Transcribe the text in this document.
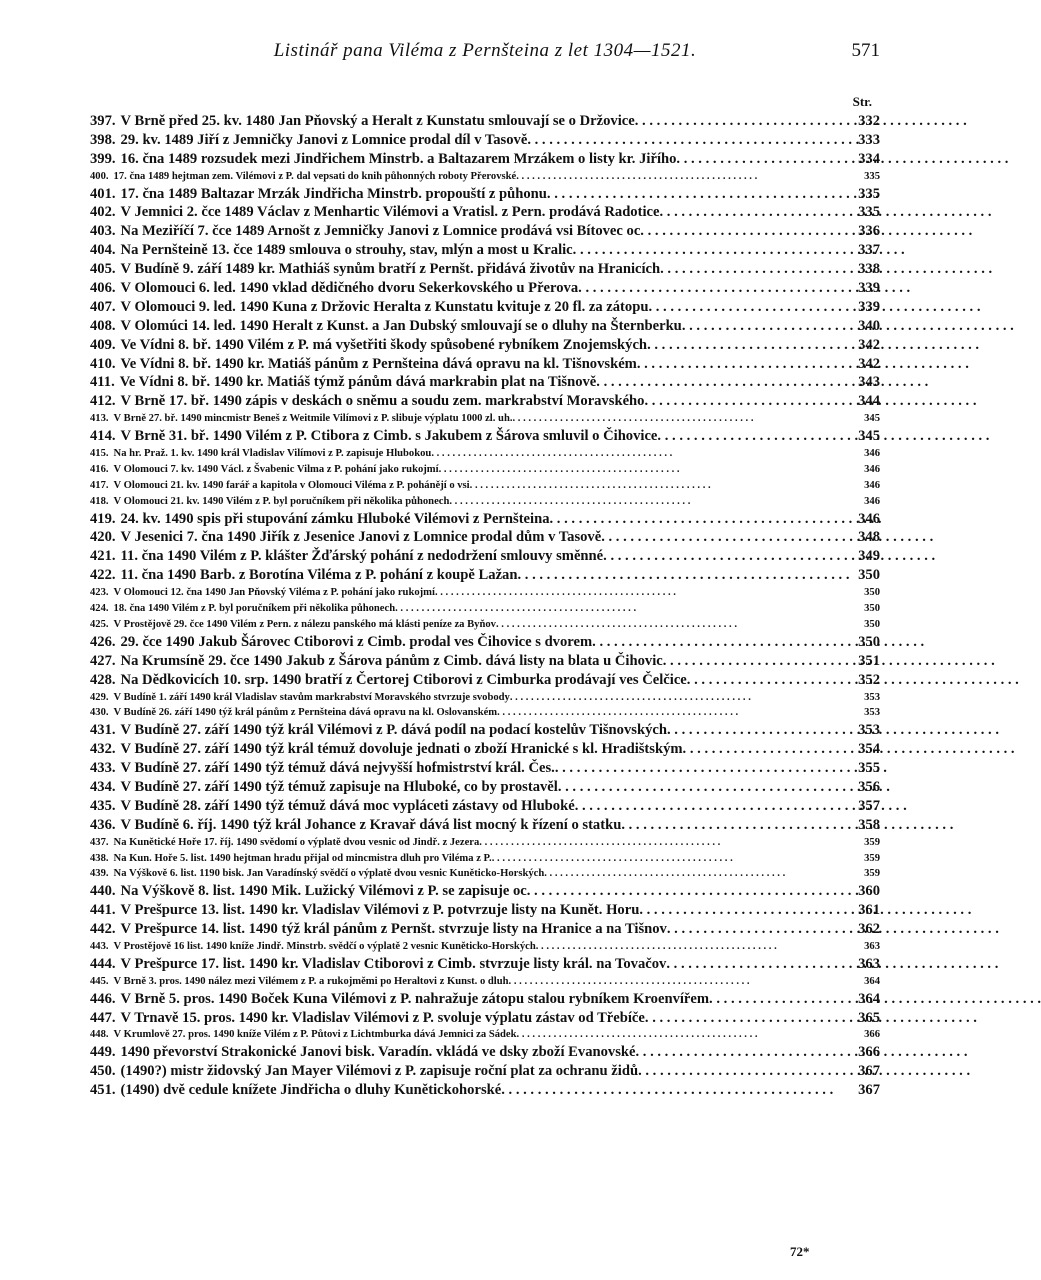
Listinář pana Viléma z Pernšteina z let 1304—1521.	571
Str.
397. V Brně před 25. kv. 1480 Jan Pňovský a Heralt z Kunstatu smlouvají se o Držovice . . .	332
398. 29. kv. 1489 Jiří z Jemničky Janovi z Lomnice prodal díl v Tasově . . .	333
399. 16. čna 1489 rozsudek mezi Jindřichem Minstrb. a Baltazarem Mrzákem o listy kr. Jiřího . . .	334
400. 17. čna 1489 hejtman zem. Vilémovi z P. dal vepsati do knih půhonných roboty Přerovské . . .	335
401. 17. čna 1489 Baltazar Mrzák Jindřicha Minstrb. propouští z půhonu . . .	335
402. V Jemnici 2. čce 1489 Václav z Menhartic Vilémovi a Vratisl. z Pern. prodává Radotice . . .	335
403. Na Meziříčí 7. čce 1489 Arnošt z Jemničky Janovi z Lomnice prodává vsi Bítovec oc . . .	336
404. Na Pernšteině 13. čce 1489 smlouva o strouhy, stav, mlýn a most u Kralic . . .	337
405. V Budíně 9. září 1489 kr. Mathiáš synům bratří z Pernšt. přidává životův na Hranicích . . .	338
406. V Olomouci 6. led. 1490 vklad dědičného dvoru Sekerkovského u Přerova . . .	339
407. V Olomouci 9. led. 1490 Kuna z Držovic Heralta z Kunstatu kvituje z 20 fl. za zátopu . . .	339
408. V Olomúci 14. led. 1490 Heralt z Kunst. a Jan Dubský smlouvají se o dluhy na Šternberku . . .	340
409. Ve Vídni 8. bř. 1490 Vilém z P. má vyšetřiti škody spůsobené rybníkem Znojemských . . .	342
410. Ve Vídni 8. bř. 1490 kr. Matiáš pánům z Pernšteina dává opravu na kl. Tišnovském . . .	342
411. Ve Vídni 8. bř. 1490 kr. Matiáš týmž pánům dává markrabin plat na Tišnově . . .	343
412. V Brně 17. bř. 1490 zápis v deskách o sněmu a soudu zem. markrabství Moravského . . .	344
413. V Brně 27. bř. 1490 mincmistr Beneš z Weitmile Vilímovi z P. slibuje výplatu 1000 zl. uh. . . .	345
414. V Brně 31. bř. 1490 Vilém z P. Ctibora z Cimb. s Jakubem z Šárova smluvil o Čihovice . . .	345
415. Na hr. Praž. 1. kv. 1490 král Vladislav Vilímovi z P. zapisuje Hlubokou . . .	346
416. V Olomouci 7. kv. 1490 Václ. z Švabenic Vilma z P. pohání jako rukojmí . . .	346
417. V Olomouci 21. kv. 1490 farář a kapitola v Olomouci Viléma z P. pohánějí o vsi . . .	346
418. V Olomouci 21. kv. 1490 Vilém z P. byl poručníkem při několika půhonech . . .	346
419. 24. kv. 1490 spis při stupování zámku Hluboké Vilémovi z Pernšteina . . .	346
420. V Jesenici 7. čna 1490 Jiřík z Jesenice Janovi z Lomnice prodal dům v Tasově . . .	348
421. 11. čna 1490 Vilém z P. klášter Žďárský pohání z nedodržení smlouvy směnné . . .	349
422. 11. čna 1490 Barb. z Borotína Viléma z P. pohání z koupě Lažan . . .	350
423. V Olomouci 12. čna 1490 Jan Pňovský Viléma z P. pohání jako rukojmí . . .	350
424. 18. čna 1490 Vilém z P. byl poručníkem při několika půhonech . . .	350
425. V Prostějově 29. čce 1490 Vilém z Pern. z nálezu panského má klásti peníze za Byňov . . .	350
426. 29. čce 1490 Jakub Šárovec Ctiborovi z Cimb. prodal ves Čihovice s dvorem . . .	350
427. Na Krumsíně 29. čce 1490 Jakub z Šárova pánům z Cimb. dává listy na blata u Čihovic . . .	351
428. Na Dědkovicích 10. srp. 1490 bratří z Čertorej Ctiborovi z Cimburka prodávají ves Čelčice . . .	352
429. V Budíně 1. září 1490 král Vladislav stavům markrabství Moravského stvrzuje svobody . . .	353
430. V Budíně 26. září 1490 týž král pánům z Pernšteina dává opravu na kl. Oslovanském . . .	353
431. V Budíně 27. září 1490 týž král Vilémovi z P. dává podíl na podací kostelův Tišnovských . . .	353
432. V Budíně 27. září 1490 týž král témuž dovoluje jednati o zboží Hranické s kl. Hradištským . . .	354
433. V Budíně 27. září 1490 týž témuž dává nejvyšší hofmistrství král. Čes. . . .	355
434. V Budíně 27. září 1490 týž témuž zapisuje na Hluboké, co by prostavěl . . .	356
435. V Budíně 28. září 1490 týž témuž dává moc vypláceti zástavy od Hluboké . . .	357
436. V Budíně 6. říj. 1490 týž král Johance z Kravař dává list mocný k řízení o statku . . .	358
437. Na Kunětické Hoře 17. říj. 1490 svědomí o výplatě dvou vesnic od Jindř. z Jezera . . .	359
438. Na Kun. Hoře 5. list. 1490 hejtman hradu přijal od mincmistra dluh pro Viléma z P. . . .	359
439. Na Výškově 6. list. 1190 bisk. Jan Varadínský svědčí o výplatě dvou vesnic Kuněticko-Horských . . .	359
440. Na Výškově 8. list. 1490 Mik. Lužický Vilémovi z P. se zapisuje oc . . .	360
441. V Prešpurce 13. list. 1490 kr. Vladislav Vilémovi z P. potvrzuje listy na Kunět. Horu . . .	361
442. V Prešpurce 14. list. 1490 týž král pánům z Pernšt. stvrzuje listy na Hranice a na Tišnov . . .	362
443. V Prostějově 16 list. 1490 kníže Jindř. Minstrb. svědčí o výplatě 2 vesnic Kuněticko-Horských . . .	363
444. V Prešpurce 17. list. 1490 kr. Vladislav Ctiborovi z Cimb. stvrzuje listy král. na Tovačov . . .	363
445. V Brně 3. pros. 1490 nález mezi Vilémem z P. a rukojměmi po Heraltovi z Kunst. o dluh . . .	364
446. V Brně 5. pros. 1490 Boček Kuna Vilémovi z P. nahražuje zátopu stalou rybníkem Kroenvířem . . .	364
447. V Trnavě 15. pros. 1490 kr. Vladislav Vilémovi z P. svoluje výplatu zástav od Třebíče . . .	365
448. V Krumlově 27. pros. 1490 kníže Vilém z P. Půtovi z Lichtmburka dává Jemnici za Sádek . . .	366
449. 1490 převorství Strakonické Janovi bisk. Varadín. vkládá ve dsky zboží Evanovské . . .	366
450. (1490?) mistr židovský Jan Mayer Vilémovi z P. zapisuje roční plat za ochranu židů . . .	367
451. (1490) dvě cedule knížete Jindřicha o dluhy Kunětickohorské . . .	367
72*
